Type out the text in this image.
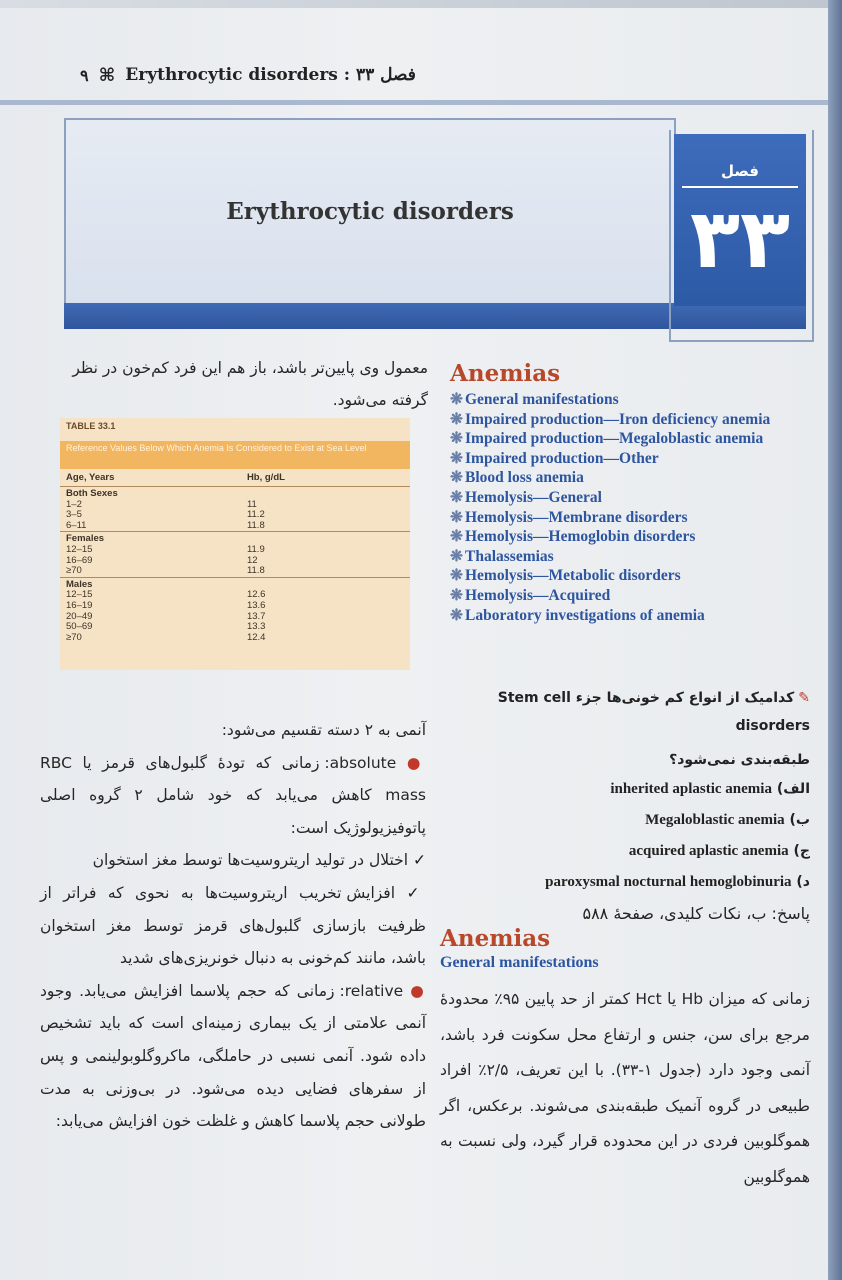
۹ ⌘ Erythrocytic disorders : فصل ۳۳
Erythrocytic disorders
فصل
۳۳
Anemias
❋ General manifestations
❋ Impaired production—Iron deficiency anemia
❋ Impaired production—Megaloblastic anemia
❋ Impaired production—Other
❋ Blood loss anemia
❋ Hemolysis—General
❋ Hemolysis—Membrane disorders
❋ Hemolysis—Hemoglobin disorders
❋ Thalassemias
❋ Hemolysis—Metabolic disorders
❋ Hemolysis—Acquired
❋ Laboratory investigations of anemia
معمول وی پایین‌تر باشد، باز هم این فرد کم‌خون در نظر گرفته می‌شود.
TABLE 33.1
Reference Values Below Which Anemia Is Considered to Exist at Sea Level
Age, Years	Hb, g/dL
Both Sexes	
1–2	11
3–5	11.2
6–11	11.8
Females	
12–15	11.9
16–69	12
≥70	11.8
Males	
12–15	12.6
16–19	13.6
20–49	13.7
50–69	13.3
≥70	12.4

آنمی به ۲ دسته تقسیم می‌شود:

● absolute: زمانی که تودهٔ گلبول‌های قرمز یا RBC mass کاهش می‌یابد که خود شامل ۲ گروه اصلی پاتوفیزیولوژیک است:

✓ اختلال در تولید اریتروسیت‌ها توسط مغز استخوان

✓ افزایش تخریب اریتروسیت‌ها به نحوی که فراتر از ظرفیت بازسازی گلبول‌های قرمز توسط مغز استخوان باشد، مانند کم‌خونی به دنبال خونریزی‌های شدید

● relative: زمانی که حجم پلاسما افزایش می‌یابد. وجود آنمی علامتی از یک بیماری زمینه‌ای است که باید تشخیص داده شود. آنمی نسبی در حاملگی، ماکروگلوبولینمی و پس از سفرهای فضایی دیده می‌شود. در بی‌وزنی به مدت طولانی حجم پلاسما کاهش و غلظت خون افزایش می‌یابد:

✎کدامیک از انواع کم خونی‌ها جزء Stem cell disorders
طبقه‌بندی نمی‌شود؟
الف) inherited aplastic anemia
ب) Megaloblastic anemia
ج) acquired aplastic anemia
د) paroxysmal nocturnal hemoglobinuria
پاسخ: ب، نکات کلیدی، صفحهٔ ۵۸۸
Anemias
General manifestations

زمانی که میزان Hb یا Hct کمتر از حد پایین ۹۵٪ محدودهٔ مرجع برای سن، جنس و ارتفاع محل سکونت فرد باشد، آنمی وجود دارد (جدول ۱-۳۳). با این تعریف، ۲/۵٪ افراد طبیعی در گروه آنمیک طبقه‌بندی می‌شوند. برعکس، اگر هموگلوبین فردی در این محدوده قرار گیرد، ولی نسبت به هموگلوبین
